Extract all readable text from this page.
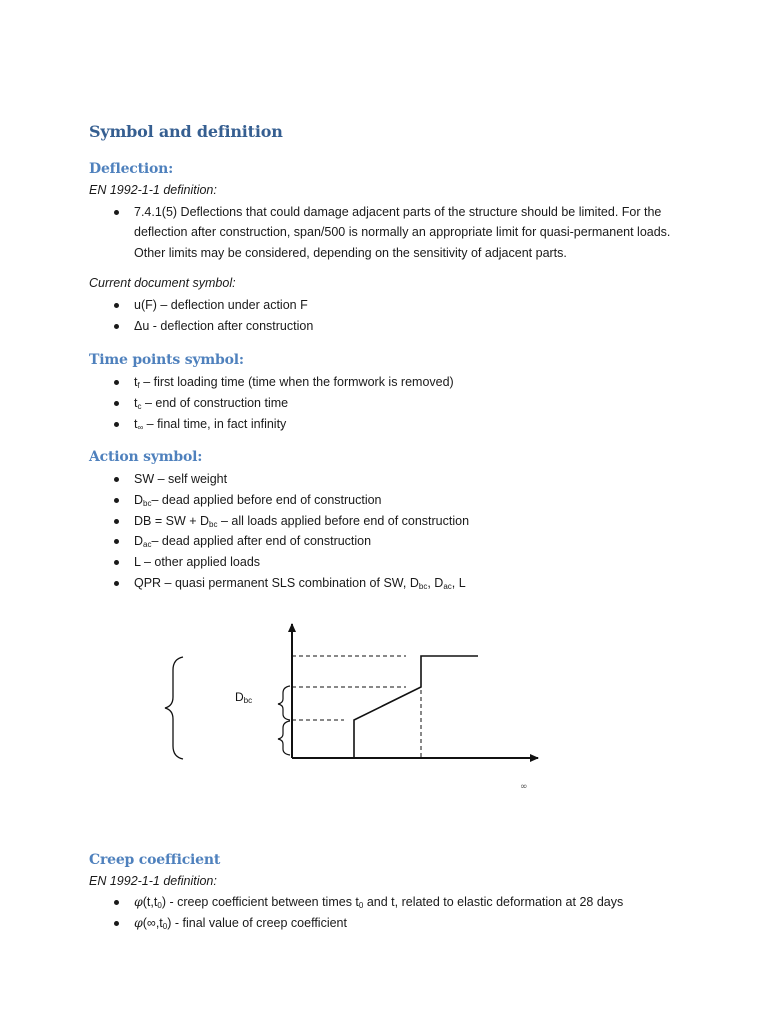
Symbol and definition
Deflection:

EN 1992-1-1 definition:

7.4.1(5) Deflections that could damage adjacent parts of the structure should be limited. For the deflection after construction, span/500 is normally an appropriate limit for quasi-permanent loads. Other limits may be considered, depending on the sensitivity of adjacent parts.

Current document symbol:

u(F) – deflection under action F
Δu - deflection after construction
Time points symbol:
$t_f$ – first loading time (time when the formwork is removed)
$t_c$ – end of construction time
$t_\infty$ – final time, in fact infinity
Action symbol:
SW – self weight
$D_{bc}-$ dead applied before end of construction
DB = SW + $D_{bc}$ – all loads applied before end of construction
$D_{ac}-$ dead applied after end of construction
L – other applied loads
QPR – quasi permanent SLS combination of SW, $D_{bc}$, $D_{ac}$, L
Dbc
∞
Creep coefficient

EN 1992-1-1 definition:

$\varphi(t,t_0)$ - creep coefficient between times $t_0$ and t, related to elastic deformation at 28 days
$\varphi(\infty,t_0)$ - final value of creep coefficient
